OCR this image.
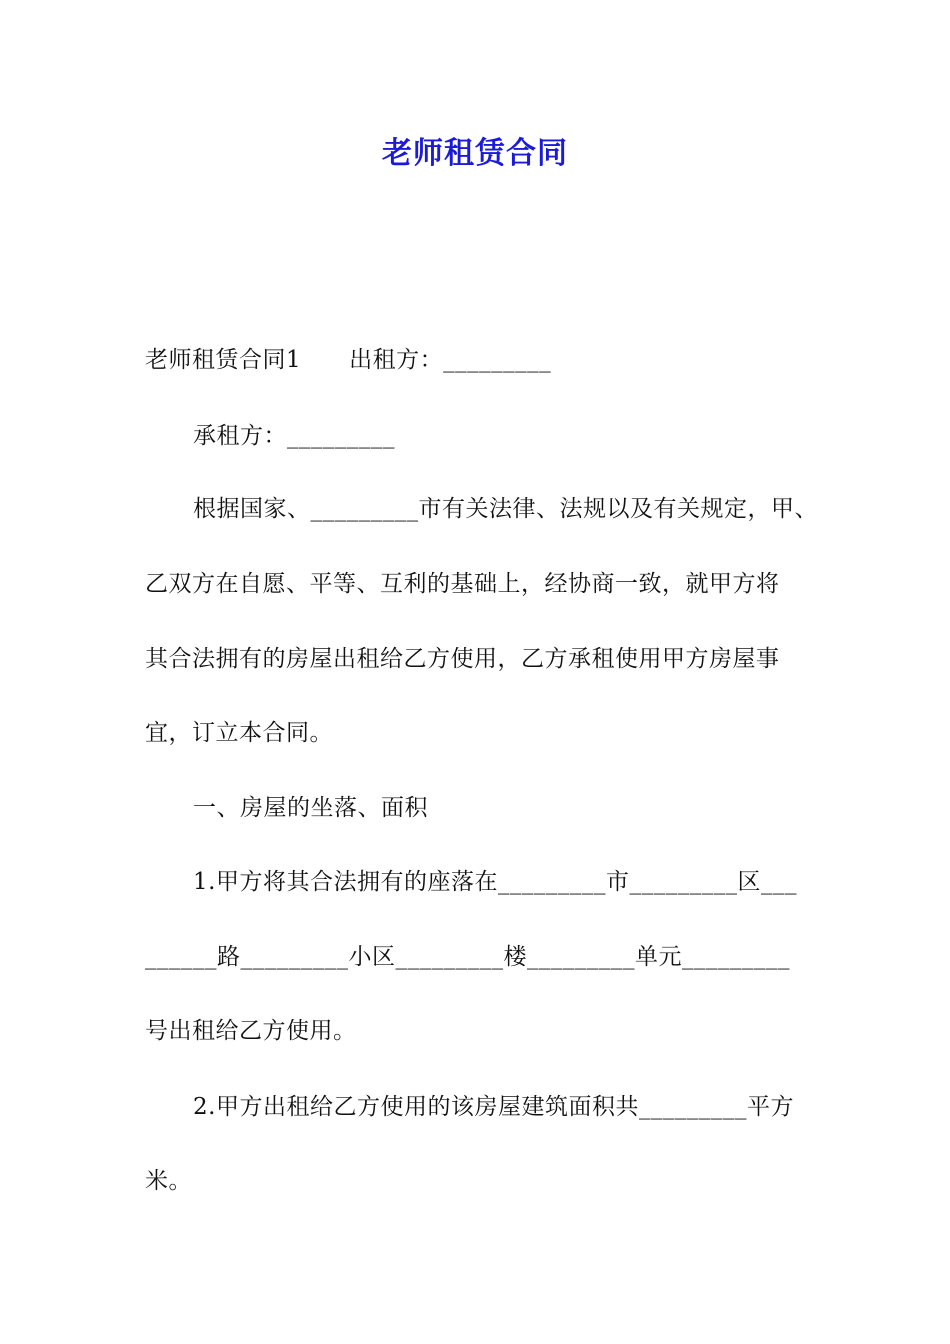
老师租赁合同
老师租赁合同1 出租方：_________
承租方：_________
根据国家、_________市有关法律、法规以及有关规定，甲、
乙双方在自愿、平等、互利的基础上，经协商一致，就甲方将
其合法拥有的房屋出租给乙方使用，乙方承租使用甲方房屋事
宜，订立本合同。
一、房屋的坐落、面积
1.甲方将其合法拥有的座落在_________市_________区___
______路_________小区_________楼_________单元_________
号出租给乙方使用。
2.甲方出租给乙方使用的该房屋建筑面积共_________平方
米。
